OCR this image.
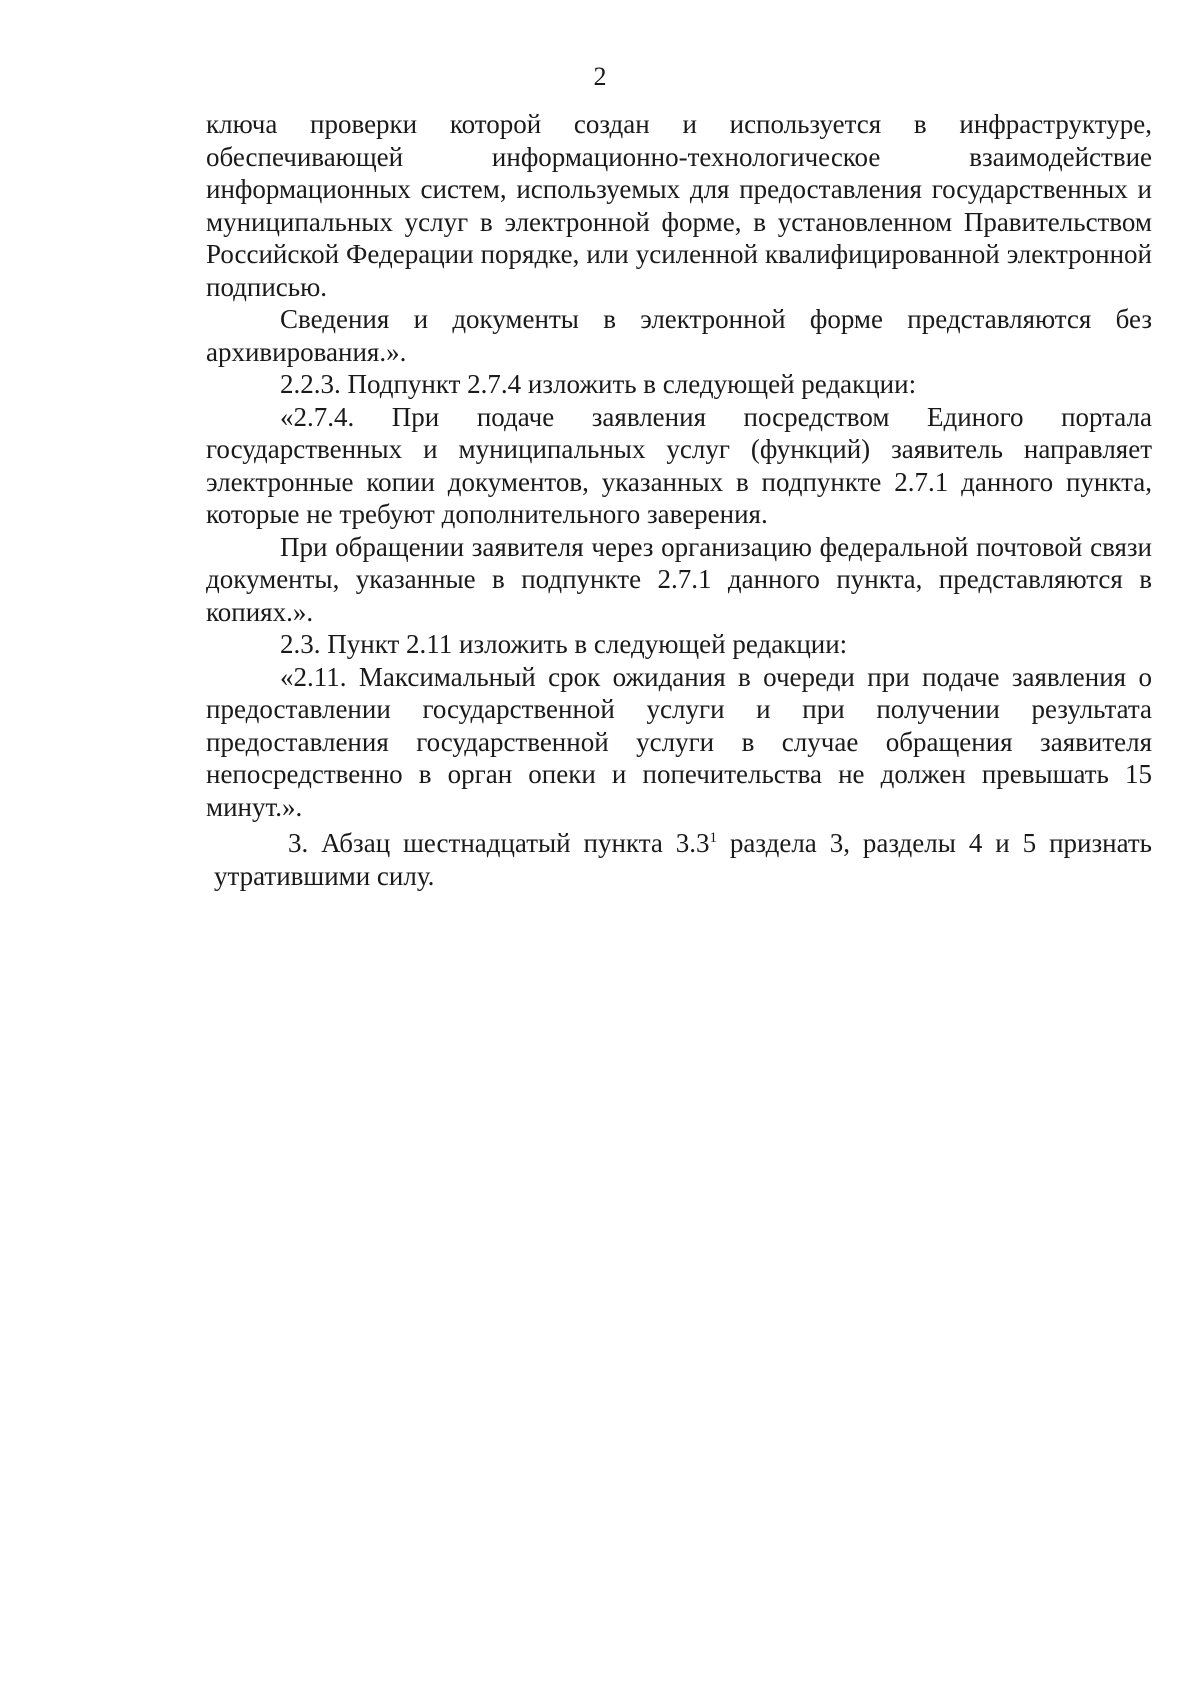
2

ключа проверки которой создан и используется в инфраструктуре, обеспечивающей информационно-технологическое взаимодействие информационных систем, используемых для предоставления государственных и муниципальных услуг в электронной форме, в установленном Правительством Российской Федерации порядке, или усиленной квалифицированной электронной подписью.

Сведения и документы в электронной форме представляются без архивирования.».

2.2.3. Подпункт 2.7.4 изложить в следующей редакции:

«2.7.4. При подаче заявления посредством Единого портала государственных и муниципальных услуг (функций) заявитель направляет электронные копии документов, указанных в подпункте 2.7.1 данного пункта, которые не требуют дополнительного заверения.

При обращении заявителя через организацию федеральной почтовой связи документы, указанные в подпункте 2.7.1 данного пункта, представляются в копиях.».

2.3. Пункт 2.11 изложить в следующей редакции:

«2.11. Максимальный срок ожидания в очереди при подаче заявления о предоставлении государственной услуги и при получении результата предоставления государственной услуги в случае обращения заявителя непосредственно в орган опеки и попечительства не должен превышать 15 минут.».

3. Абзац шестнадцатый пункта $3.3^1$ раздела 3, разделы 4 и 5 признать утратившими силу.
